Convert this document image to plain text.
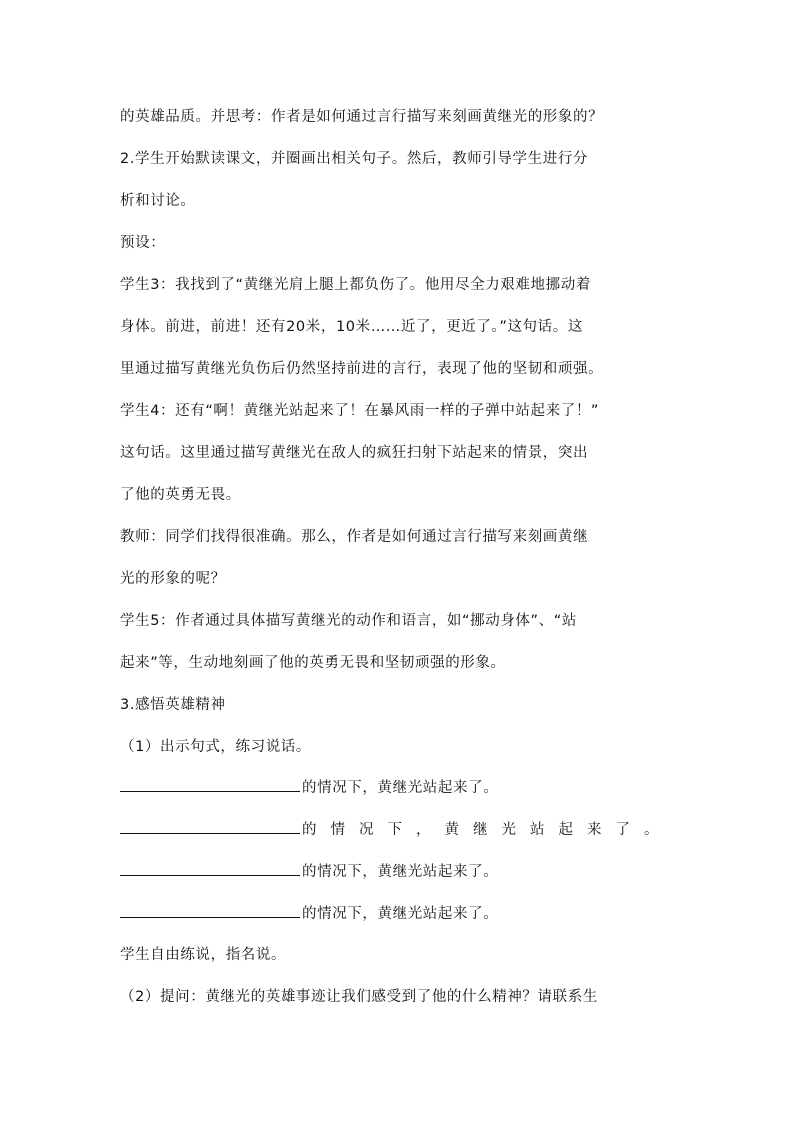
的英雄品质。并思考：作者是如何通过言行描写来刻画黄继光的形象的？
2.学生开始默读课文，并圈画出相关句子。然后，教师引导学生进行分
析和讨论。
预设：
学生3：我找到了“黄继光肩上腿上都负伤了。他用尽全力艰难地挪动着
身体。前进，前进！还有20米，10米……近了，更近了。”这句话。这
里通过描写黄继光负伤后仍然坚持前进的言行，表现了他的坚韧和顽强。
学生4：还有“啊！黄继光站起来了！在暴风雨一样的子弹中站起来了！”
这句话。这里通过描写黄继光在敌人的疯狂扫射下站起来的情景，突出
了他的英勇无畏。
教师：同学们找得很准确。那么，作者是如何通过言行描写来刻画黄继
光的形象的呢？
学生5：作者通过具体描写黄继光的动作和语言，如“挪动身体”、“站
起来”等，生动地刻画了他的英勇无畏和坚韧顽强的形象。
3.感悟英雄精神
（1）出示句式，练习说话。
的情况下，黄继光站起来了。
的情况下，黄继光站起来了。
的情况下，黄继光站起来了。
的情况下，黄继光站起来了。
学生自由练说，指名说。
（2）提问：黄继光的英雄事迹让我们感受到了他的什么精神？请联系生
